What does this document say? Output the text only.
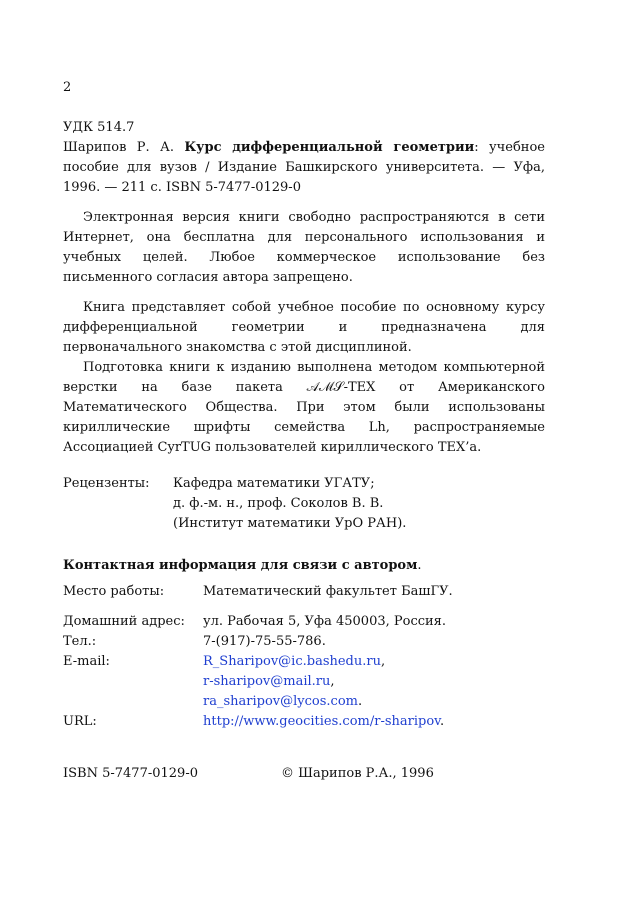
2

УДК 514.7

Шарипов Р. А. Курс дифференциальной геометрии: учебное пособие для вузов / Издание Башкирского университета. — Уфа, 1996. — 211 с. ISBN 5-7477-0129-0

Электронная версия книги свободно распространяются в сети Интернет, она бесплатна для персонального использования и учебных целей. Любое коммерческое использование без письменного согласия автора запрещено.

Книга представляет собой учебное пособие по основному курсу дифференциальной геометрии и предназначена для первоначального знакомства с этой дисциплиной.

Подготовка книги к изданию выполнена методом компьютерной верстки на базе пакета 𝒜ℳ𝒮-TEX от Американского Математического Общества. При этом были использованы кириллические шрифты семейства Lh, распространяемые Ассоциацией CyrTUG пользователей кириллического TEX’а.

Рецензенты:	Кафедра математики УГАТУ;
д. ф.-м. н., проф. Соколов В. В.
(Институт математики УрО РАН).

Контактная информация для связи с автором.

Место работы:	Математический факультет БашГУ.
Домашний адрес:	ул. Рабочая 5, Уфа 450003, Россия.
Тел.:	7-(917)-75-55-786.
E-mail:	R_Sharipov@ic.bashedu.ru,
r-sharipov@mail.ru,
ra_sharipov@lycos.com.
URL:	http://www.geocities.com/r-sharipov.
ISBN 5-7477-0129-0	© Шарипов Р.А., 1996
